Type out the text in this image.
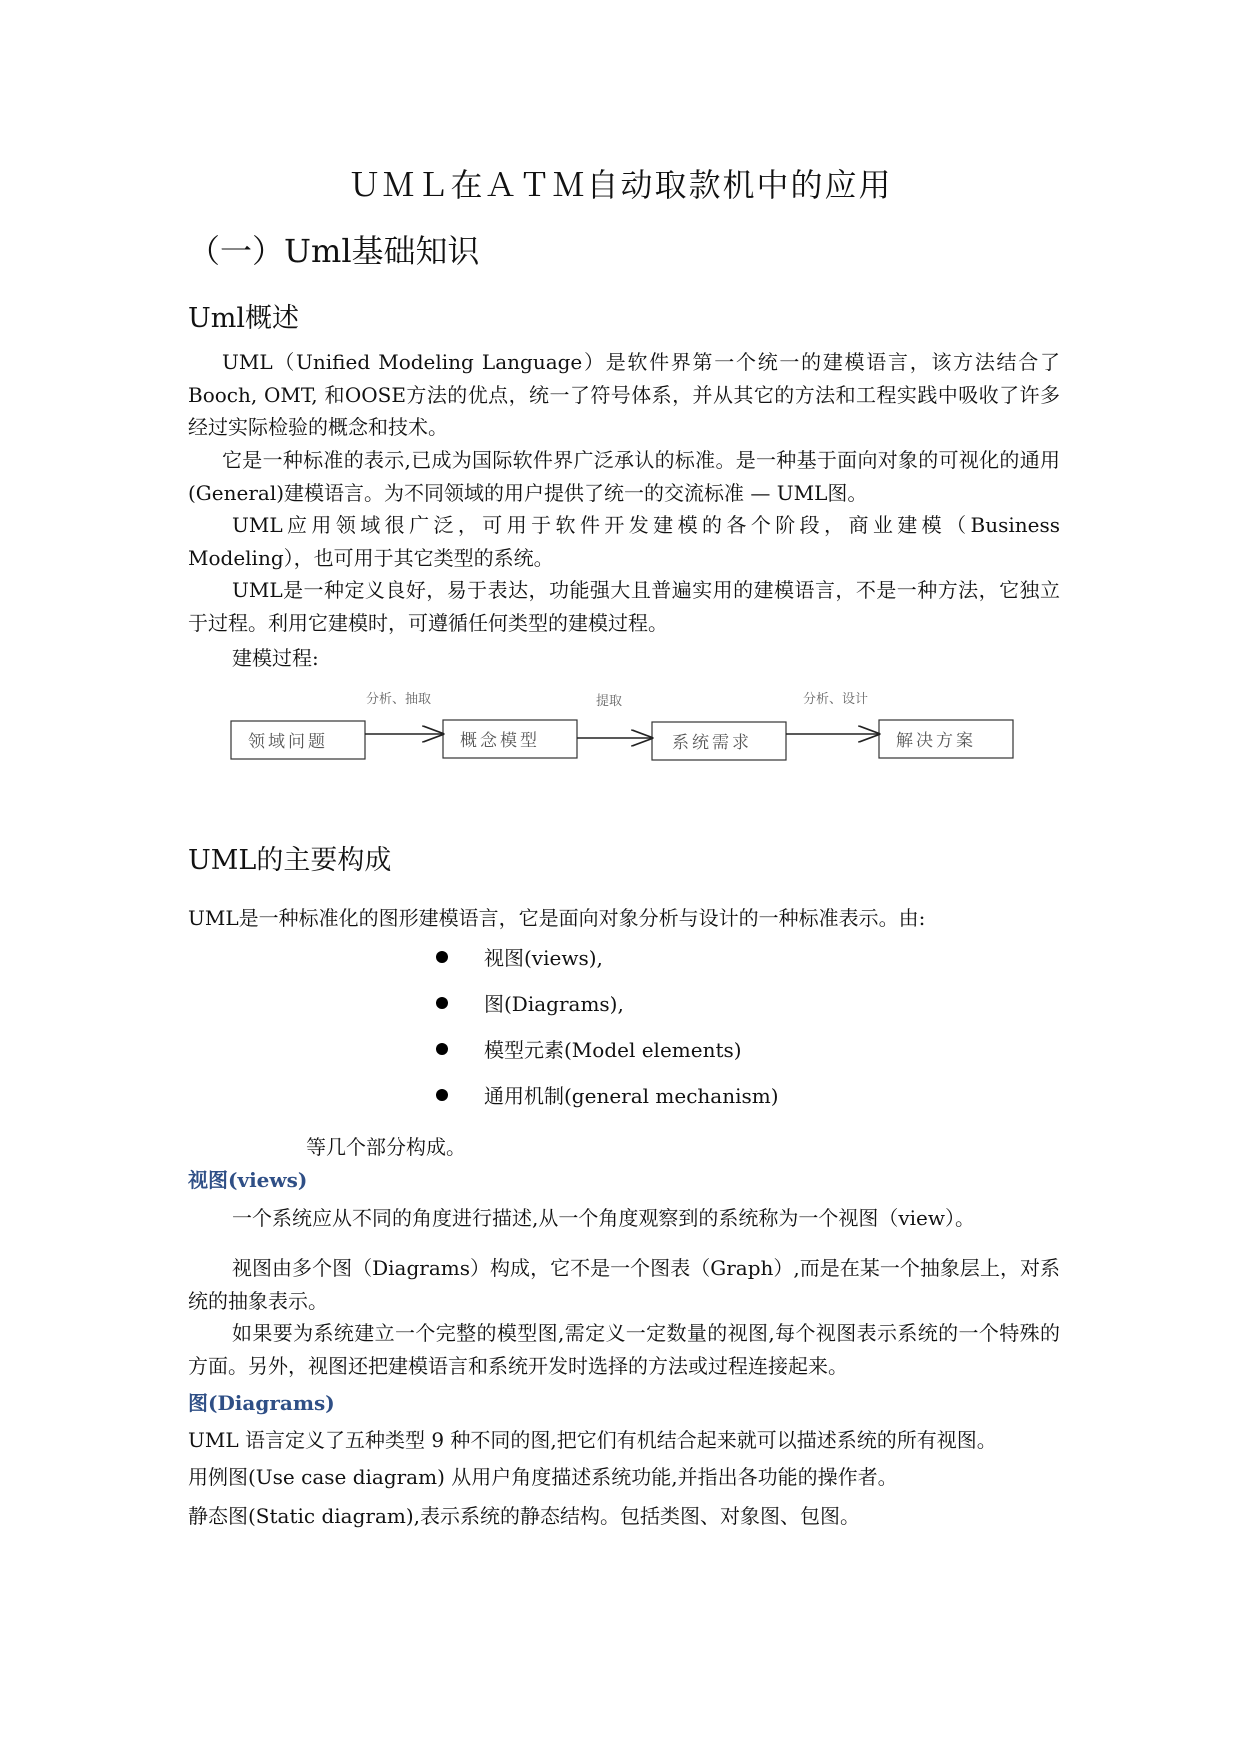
ＵＭＬ在ＡＴＭ自动取款机中的应用
（一）Uml基础知识
Uml概述

UML（Unified Modeling Language）是软件界第一个统一的建模语言，该方法结合了Booch, OMT, 和OOSE方法的优点，统一了符号体系，并从其它的方法和工程实践中吸收了许多经过实际检验的概念和技术。

它是一种标准的表示,已成为国际软件界广泛承认的标准。是一种基于面向对象的可视化的通用(General)建模语言。为不同领域的用户提供了统一的交流标准 — UML图。

UML应用领域很广泛，可用于软件开发建模的各个阶段，商业建模（Business Modeling），也可用于其它类型的系统。

UML是一种定义良好，易于表达，功能强大且普遍实用的建模语言，不是一种方法，它独立于过程。利用它建模时，可遵循任何类型的建模过程。

建模过程:
领域问题	概念模型	系统需求	解决方案
分析、抽取	提取	分析、设计
UML的主要构成
UML是一种标准化的图形建模语言，它是面向对象分析与设计的一种标准表示。由:
视图(views),
图(Diagrams),
模型元素(Model elements)
通用机制(general mechanism)
等几个部分构成。
视图(views)

一个系统应从不同的角度进行描述,从一个角度观察到的系统称为一个视图（view）。

视图由多个图（Diagrams）构成，它不是一个图表（Graph）,而是在某一个抽象层上，对系统的抽象表示。

如果要为系统建立一个完整的模型图,需定义一定数量的视图,每个视图表示系统的一个特殊的方面。另外，视图还把建模语言和系统开发时选择的方法或过程连接起来。

图(Diagrams)
UML 语言定义了五种类型 9 种不同的图,把它们有机结合起来就可以描述系统的所有视图。
用例图(Use case diagram) 从用户角度描述系统功能,并指出各功能的操作者。
静态图(Static diagram),表示系统的静态结构。包括类图、对象图、包图。
